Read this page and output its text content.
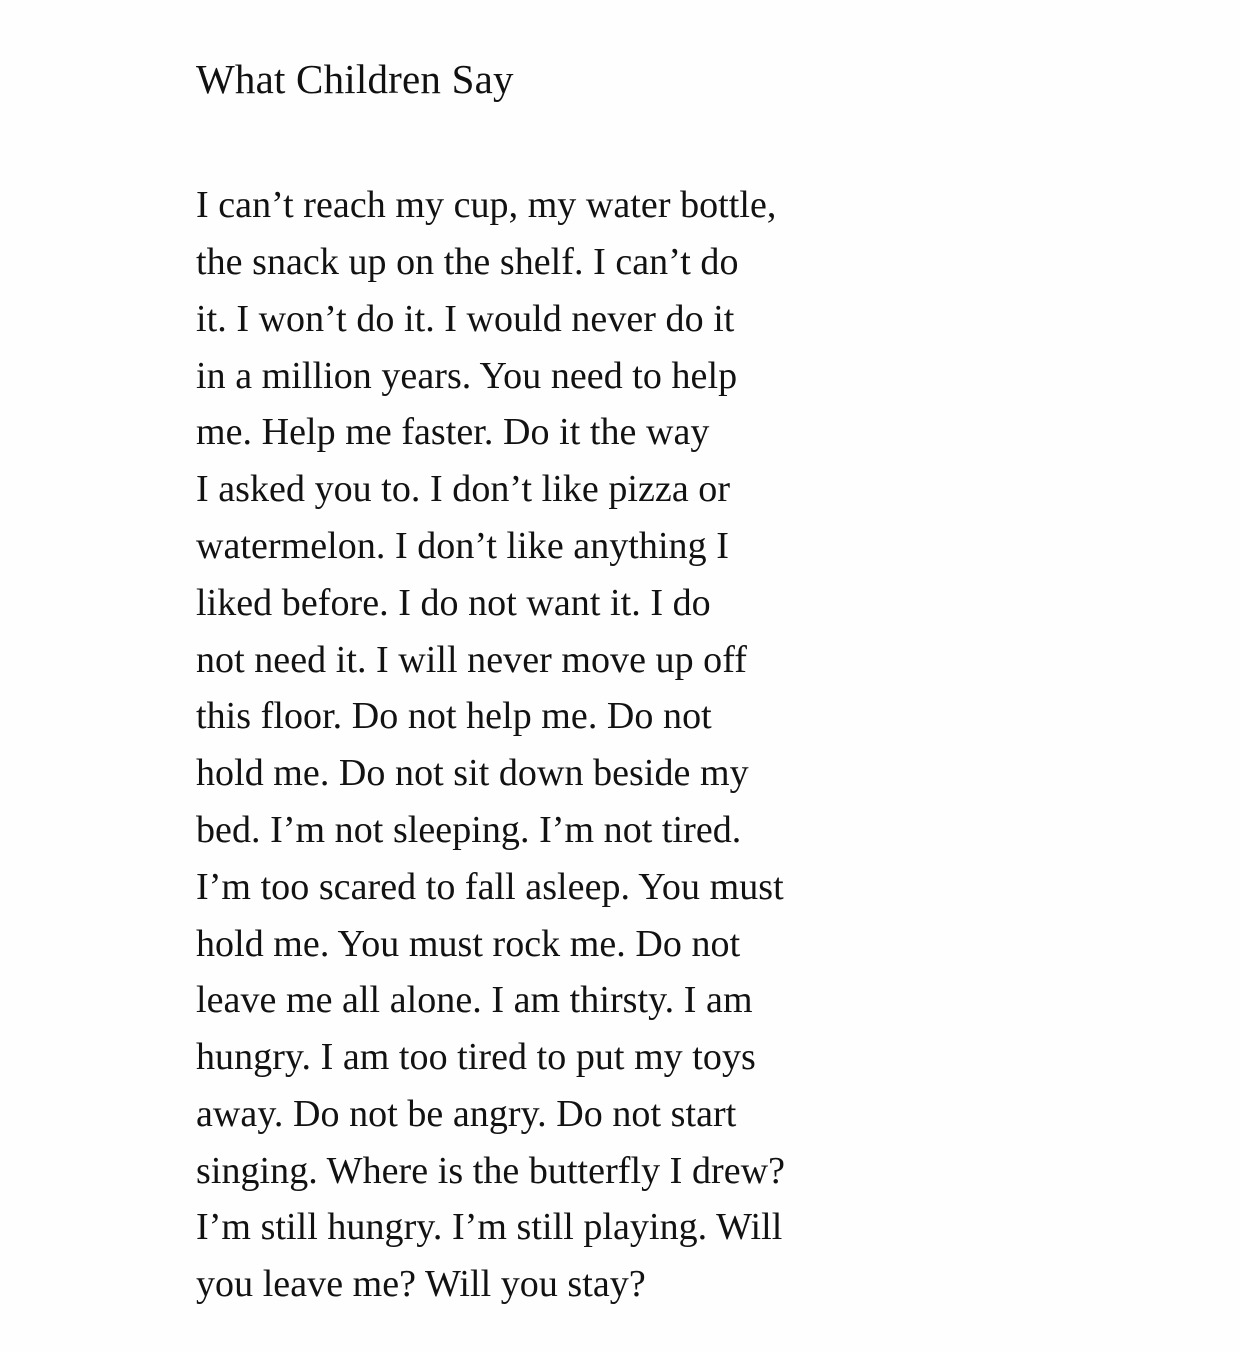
What Children Say
I can’t reach my cup, my water bottle,
the snack up on the shelf. I can’t do
it. I won’t do it. I would never do it
in a million years. You need to help
me. Help me faster. Do it the way
I asked you to. I don’t like pizza or
watermelon. I don’t like anything I
liked before. I do not want it. I do
not need it. I will never move up off
this floor. Do not help me. Do not
hold me. Do not sit down beside my
bed. I’m not sleeping. I’m not tired.
I’m too scared to fall asleep. You must
hold me. You must rock me. Do not
leave me all alone. I am thirsty. I am
hungry. I am too tired to put my toys
away. Do not be angry. Do not start
singing. Where is the butterfly I drew?
I’m still hungry. I’m still playing. Will
you leave me? Will you stay?
